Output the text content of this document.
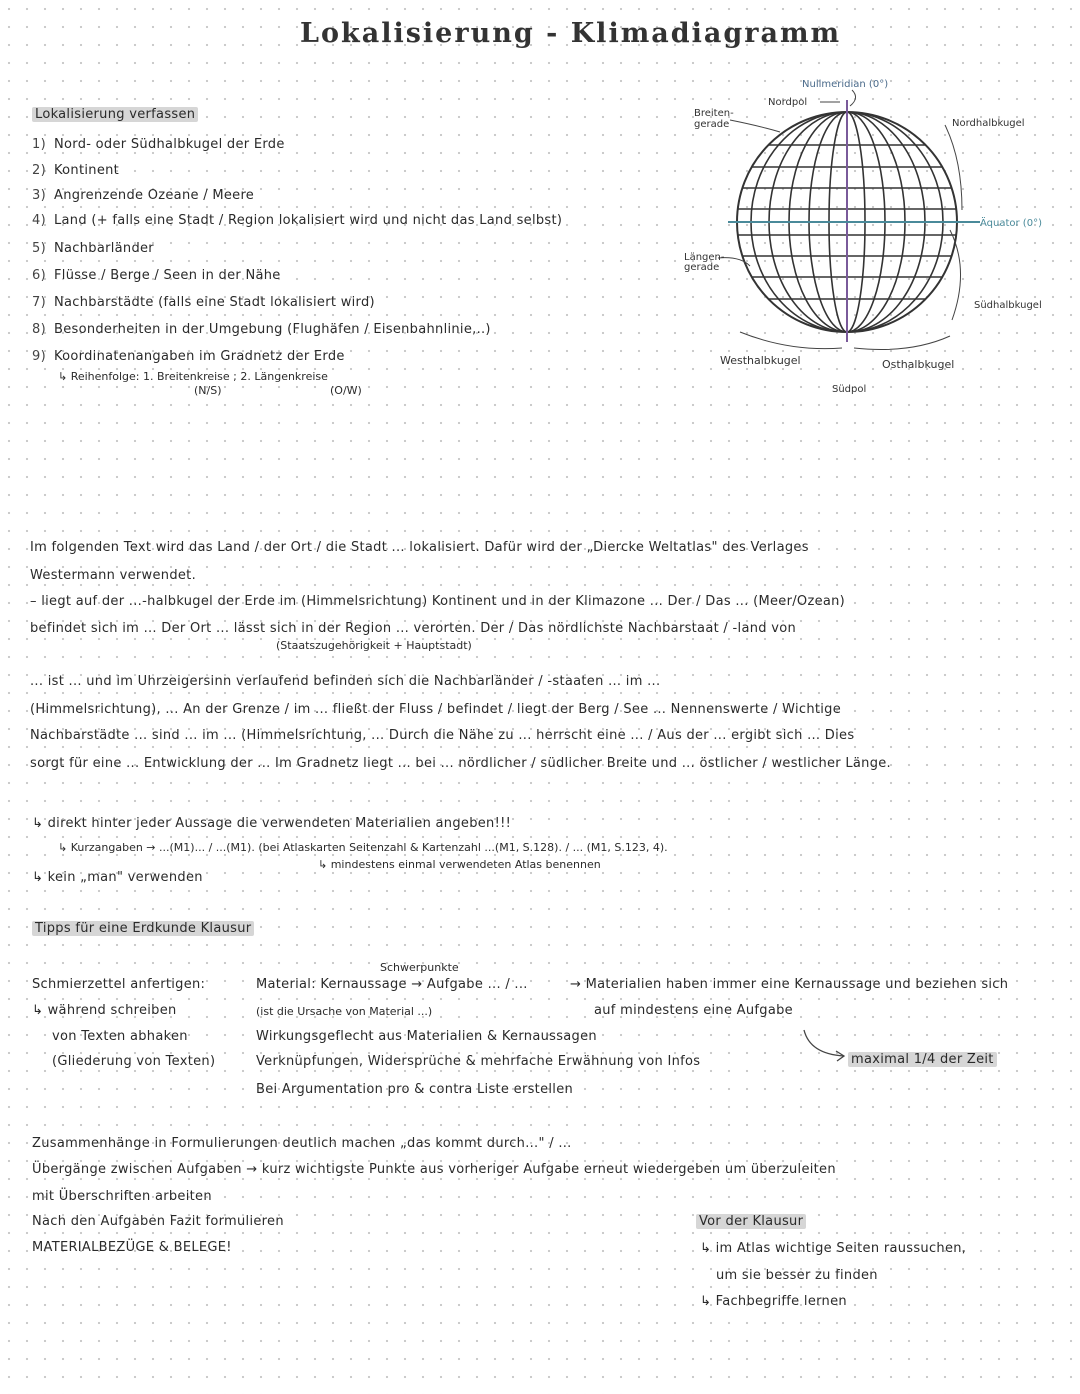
Lokalisierung - Klimadiagramm
Lokalisierung verfassen
1) Nord- oder Südhalbkugel der Erde
2) Kontinent
3) Angrenzende Ozeane / Meere
4) Land (+ falls eine Stadt / Region lokalisiert wird und nicht das Land selbst)
5) Nachbarländer
6) Flüsse / Berge / Seen in der Nähe
7) Nachbarstädte (falls eine Stadt lokalisiert wird)
8) Besonderheiten in der Umgebung (Flughäfen / Eisenbahnlinie,..)
9) Koordinatenangaben im Gradnetz der Erde
↳ Reihenfolge: 1. Breitenkreise ; 2. Längenkreise
(N/S)	(O/W)
Nullmeridian (0°)
Nordpol
Breiten-
gerade	Nordhalbkugel
Äquator (0°)
Längen-
gerade
Südhalbkugel
Westhalbkugel	Osthalbkugel
Südpol
Im folgenden Text wird das Land / der Ort / die Stadt ... lokalisiert. Dafür wird der „Diercke Weltatlas" des Verlages
Westermann verwendet.
– liegt auf der ...-halbkugel der Erde im (Himmelsrichtung) Kontinent und in der Klimazone ... Der / Das ... (Meer/Ozean)
befindet sich im ... Der Ort ... lässt sich in der Region ... verorten. Der / Das nördlichste Nachbarstaat / -land von
(Staatszugehörigkeit + Hauptstadt)
... ist ... und im Uhrzeigersinn verlaufend befinden sich die Nachbarländer / -staaten ... im ...
(Himmelsrichtung), ... An der Grenze / im ... fließt der Fluss / befindet / liegt der Berg / See ... Nennenswerte / Wichtige
Nachbarstädte ... sind ... im ... (Himmelsrichtung, ... Durch die Nähe zu ... herrscht eine ... / Aus der ... ergibt sich ... Dies
sorgt für eine ... Entwicklung der ... Im Gradnetz liegt ... bei ... nördlicher / südlicher Breite und ... östlicher / westlicher Länge.
↳ direkt hinter jeder Aussage die verwendeten Materialien angeben!!!
↳ Kurzangaben → ...(M1)... / ...(M1). (bei Atlaskarten Seitenzahl & Kartenzahl ...(M1, S.128). / ... (M1, S.123, 4).
↳ mindestens einmal verwendeten Atlas benennen
↳ kein „man" verwenden
Tipps für eine Erdkunde Klausur
Schwerpunkte
Schmierzettel anfertigen:	Material: Kernaussage → Aufgabe ... / ...	→ Materialien haben immer eine Kernaussage und beziehen sich
↳ während schreiben	(ist die Ursache von Material ...)	auf mindestens eine Aufgabe
von Texten abhaken	Wirkungsgeflecht aus Materialien & Kernaussagen
(Gliederung von Texten)	Verknüpfungen, Widersprüche & mehrfache Erwähnung von Infos	maximal 1/4 der Zeit
Bei Argumentation pro & contra Liste erstellen
Zusammenhänge in Formulierungen deutlich machen „das kommt durch..." / ...
Übergänge zwischen Aufgaben → kurz wichtigste Punkte aus vorheriger Aufgabe erneut wiedergeben um überzuleiten
mit Überschriften arbeiten
Nach den Aufgaben Fazit formulieren
MATERIALBEZÜGE & BELEGE!
Vor der Klausur
↳ im Atlas wichtige Seiten raussuchen,
um sie besser zu finden
↳ Fachbegriffe lernen
